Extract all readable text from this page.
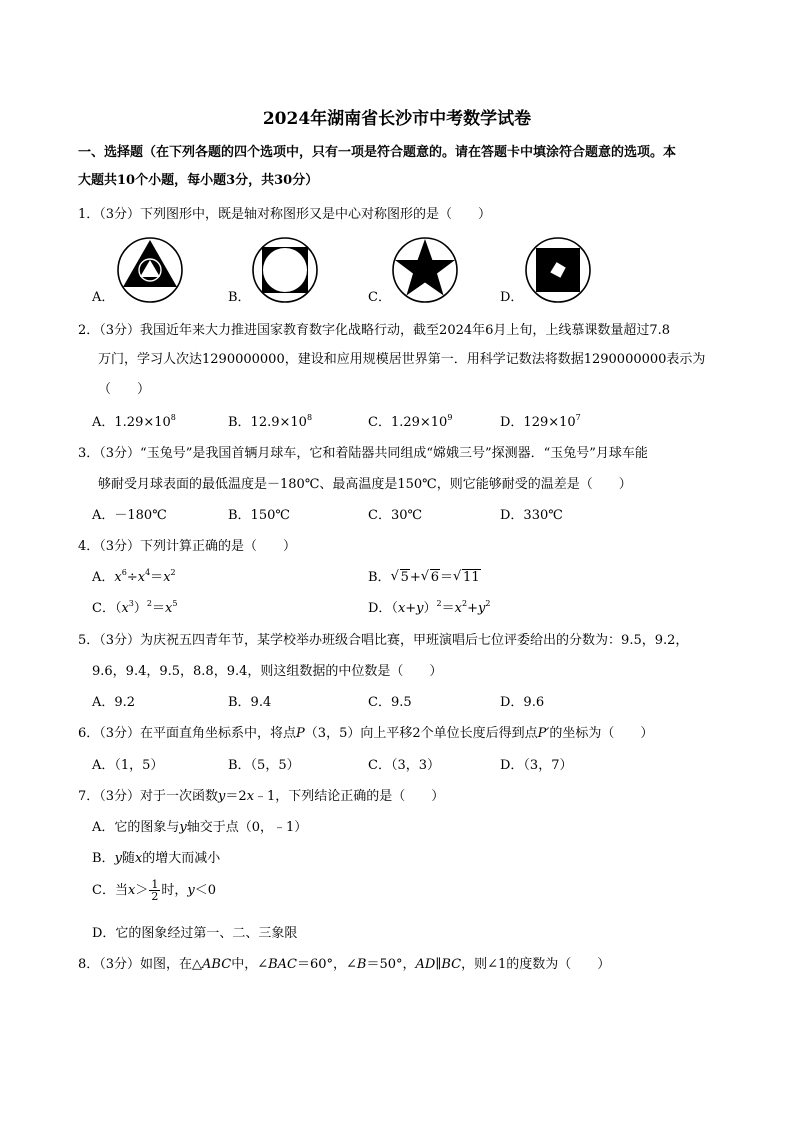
2024年湖南省长沙市中考数学试卷
一、选择题（在下列各题的四个选项中，只有一项是符合题意的。请在答题卡中填涂符合题意的选项。本
大题共10个小题，每小题3分，共30分）
1．（3分）下列图形中，既是轴对称图形又是中心对称图形的是（　　）
A．	B．	C．	D．
2．（3分）我国近年来大力推进国家教育数字化战略行动，截至2024年6月上旬，上线慕课数量超过7.8
万门，学习人次达1290000000，建设和应用规模居世界第一．用科学记数法将数据1290000000表示为
（　　）
A．$1.29\times 10^8$	B．$12.9\times 10^8$	C．$1.29\times 10^9$	D．$129\times 10^7$
3．（3分）“玉兔号”是我国首辆月球车，它和着陆器共同组成“嫦娥三号”探测器．“玉兔号”月球车能
够耐受月球表面的最低温度是－180℃、最高温度是150℃，则它能够耐受的温差是（　　）
A．－180℃	B．150℃	C．30℃	D．330℃
4．（3分）下列计算正确的是（　　）
A．$x^6\div x^4=x^2$	B． √ 5+ √ 6＝ √ 11
C．$(x^3)^2=x^5$	D．$(x+y)^2=x^2+y^2$
5．（3分）为庆祝五四青年节，某学校举办班级合唱比赛，甲班演唱后七位评委给出的分数为：9.5，9.2，
9.6，9.4，9.5，8.8，9.4，则这组数据的中位数是（　　）
A．9.2	B．9.4	C．9.5	D．9.6
6．（3分）在平面直角坐标系中，将点P（3，5）向上平移2个单位长度后得到点P′的坐标为（　　）
A．（1，5）	B．（5，5）	C．（3，3）	D．（3，7）
7．（3分）对于一次函数y＝2x﹣1，下列结论正确的是（　　）
A．它的图象与y轴交于点（0，﹣1）
B．y随x的增大而减小
C．当$x> \frac{1}{2}$ 时，y＜0
D．它的图象经过第一、二、三象限
8．（3分）如图，在△ABC中，∠BAC＝60°，∠B＝50°，AD∥BC，则∠1的度数为（　　）
